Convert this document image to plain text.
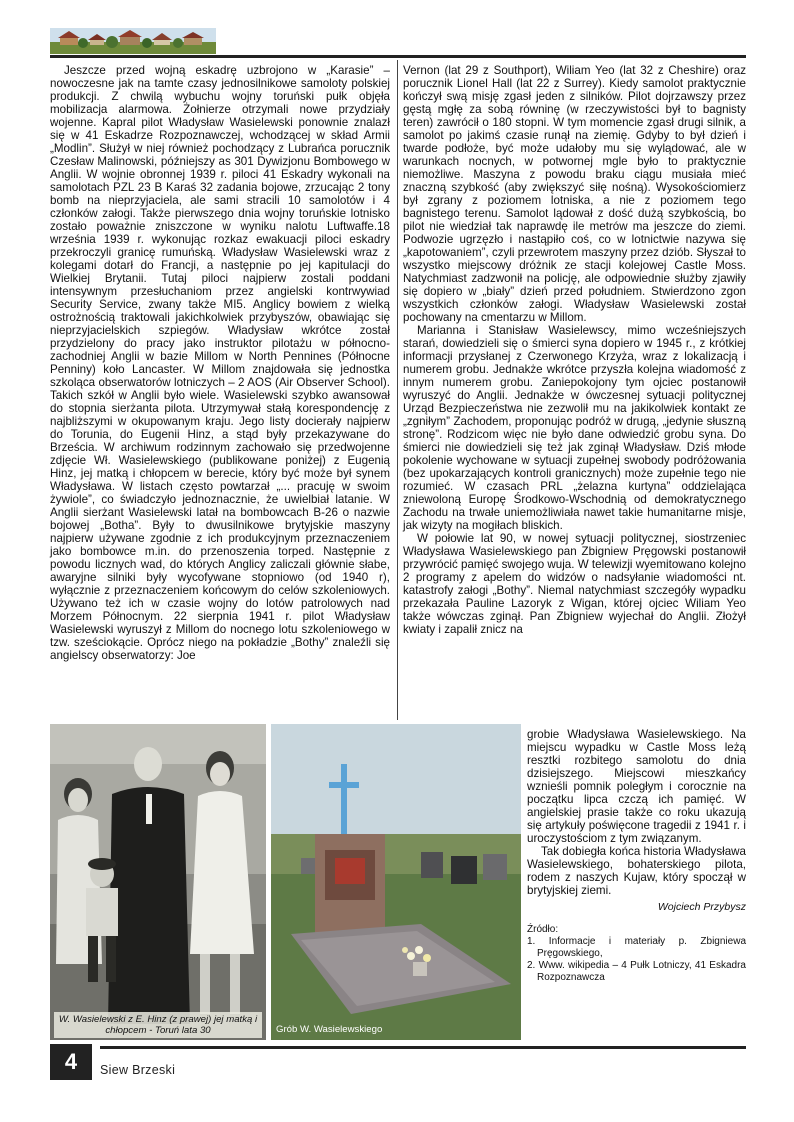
Jeszcze przed wojną eskadrę uzbrojono w „Karasie” – nowoczesne jak na tamte czasy jednosilnikowe samoloty polskiej produkcji. Z chwilą wybuchu wojny toruński pułk objęła mobilizacja alarmowa. Żołnierze otrzymali nowe przydziały wojenne. Kapral pilot Władysław Wasielewski ponownie znalazł się w 41 Eskadrze Rozpoznawczej, wchodzącej w skład Armii „Modlin”. Służył w niej również pochodzący z Lubrańca porucznik Czesław Malinowski, późniejszy as 301 Dywizjonu Bombowego w Anglii. W wojnie obronnej 1939 r. piloci 41 Eskadry wykonali na samolotach PZL 23 B Karaś 32 zadania bojowe, zrzucając 2 tony bomb na nieprzyjaciela, ale sami stracili 10 samolotów i 4 członków załogi. Także pierwszego dnia wojny toruńskie lotnisko zostało poważnie zniszczone w wyniku nalotu Luftwaffe.18 września 1939 r. wykonując rozkaz ewakuacji piloci eskadry przekroczyli granicę rumuńską. Władysław Wasielewski wraz z kolegami dotarł do Francji, a następnie po jej kapitulacji do Wielkiej Brytanii. Tutaj piloci najpierw zostali poddani intensywnym przesłuchaniom przez angielski kontrwywiad Security Service, zwany także MI5. Anglicy bowiem z wielką ostrożnością traktowali jakichkolwiek przybyszów, obawiając się nieprzyjacielskich szpiegów. Władysław wkrótce został przydzielony do pracy jako instruktor pilotażu w północno-zachodniej Anglii w bazie Millom w North Pennines (Północne Penniny) koło Lancaster. W Millom znajdowała się jednostka szkoląca obserwatorów lotniczych – 2 AOS (Air Observer School). Takich szkół w Anglii było wiele. Wasielewski szybko awansował do stopnia sierżanta pilota. Utrzymywał stałą korespondencję z najbliższymi w okupowanym kraju. Jego listy docierały najpierw do Torunia, do Eugenii Hinz, a stąd były przekazywane do Brześcia. W archiwum rodzinnym zachowało się przedwojenne zdjęcie Wł. Wasielewskiego (publikowane poniżej) z Eugenią Hinz, jej matką i chłopcem w berecie, który być może był synem Władysława. W listach często powtarzał „... pracuję w swoim żywiole”, co świadczyło jednoznacznie, że uwielbiał latanie. W Anglii sierżant Wasielewski latał na bombowcach B-26 o nazwie bojowej „Botha”. Były to dwusilnikowe brytyjskie maszyny najpierw używane zgodnie z ich produkcyjnym przeznaczeniem jako bombowce m.in. do przenoszenia torped. Następnie z powodu licznych wad, do których Anglicy zaliczali głównie słabe, awaryjne silniki były wycofywane stopniowo (od 1940 r), wyłącznie z przeznaczeniem końcowym do celów szkoleniowych. Używano też ich w czasie wojny do lotów patrolowych nad Morzem Północnym. 22 sierpnia 1941 r. pilot Władysław Wasielewski wyruszył z Millom do nocnego lotu szkoleniowego w tzw. sześciokącie. Oprócz niego na pokładzie „Bothy” znaleźli się angielscy obserwatorzy: Joe

Vernon (lat 29 z Southport), Wiliam Yeo (lat 32 z Cheshire) oraz porucznik Lionel Hall (lat 22 z Surrey). Kiedy samolot praktycznie kończył swą misję zgasł jeden z silników. Pilot dojrzawszy przez gęstą mgłę za sobą równinę (w rzeczywistości był to bagnisty teren) zawrócił o 180 stopni. W tym momencie zgasł drugi silnik, a samolot po jakimś czasie runął na ziemię. Gdyby to był dzień i twarde podłoże, być może udałoby mu się wylądować, ale w warunkach nocnych, w potwornej mgle było to praktycznie niemożliwe. Maszyna z powodu braku ciągu musiała mieć znaczną szybkość (aby zwiększyć siłę nośną). Wysokościomierz był zgrany z poziomem lotniska, a nie z poziomem tego bagnistego terenu. Samolot lądował z dość dużą szybkością, bo pilot nie wiedział tak naprawdę ile metrów ma jeszcze do ziemi. Podwozie ugrzęzło i nastąpiło coś, co w lotnictwie nazywa się „kapotowaniem”, czyli przewrotem maszyny przez dziób. Słyszał to wszystko miejscowy dróżnik ze stacji kolejowej Castle Moss. Natychmiast zadzwonił na policję, ale odpowiednie służby zjawiły się dopiero w „biały” dzień przed południem. Stwierdzono zgon wszystkich członków załogi. Władysław Wasielewski został pochowany na cmentarzu w Millom.

Marianna i Stanisław Wasielewscy, mimo wcześniejszych starań, dowiedzieli się o śmierci syna dopiero w 1945 r., z krótkiej informacji przysłanej z Czerwonego Krzyża, wraz z lokalizacją i numerem grobu. Jednakże wkrótce przyszła kolejna wiadomość z innym numerem grobu. Zaniepokojony tym ojciec postanowił wyruszyć do Anglii. Jednakże w ówczesnej sytuacji politycznej Urząd Bezpieczeństwa nie zezwolił mu na jakikolwiek kontakt ze „zgniłym” Zachodem, proponując podróż w drugą, „jedynie słuszną stronę”. Rodzicom więc nie było dane odwiedzić grobu syna. Do śmierci nie dowiedzieli się też jak zginął Władysław. Dziś młode pokolenie wychowane w sytuacji zupełnej swobody podróżowania (bez upokarzających kontroli granicznych) może zupełnie tego nie rozumieć. W czasach PRL „żelazna kurtyna” oddzielająca zniewoloną Europę Środkowo-Wschodnią od demokratycznego Zachodu na trwałe uniemożliwiała nawet takie humanitarne misje, jak wizyty na mogiłach bliskich.

W połowie lat 90, w nowej sytuacji politycznej, siostrzeniec Władysława Wasielewskiego pan Zbigniew Pręgowski postanowił przywrócić pamięć swojego wuja. W telewizji wyemitowano kolejno 2 programy z apelem do widzów o nadsyłanie wiadomości nt. katastrofy załogi „Bothy”. Niemal natychmiast szczegóły wypadku przekazała Pauline Lazoryk z Wigan, której ojciec Wiliam Yeo także wówczas zginął. Pan Zbigniew wyjechał do Anglii. Złożył kwiaty i zapalił znicz na

grobie Władysława Wasielewskiego. Na miejscu wypadku w Castle Moss leżą resztki rozbitego samolotu do dnia dzisiejszego. Miejscowi mieszkańcy wznieśli pomnik poległym i corocznie na początku lipca czczą ich pamięć. W angielskiej prasie także co roku ukazują się artykuły poświęcone tragedii z 1941 r. i uroczystościom z tym związanym.

Tak dobiegła końca historia Władysława Wasielewskiego, bohaterskiego pilota, rodem z naszych Kujaw, który spoczął w brytyjskiej ziemi.

Wojciech Przybysz
Źródło:
1. Informacje i materiały p. Zbigniewa Pręgowskiego,
2. Www. wikipedia – 4 Pułk Lotniczy, 41 Eskadra Rozpoznawcza
W. Wasielewski z E. Hinz (z prawej) jej matką i chłopcem - Toruń lata 30	Grób W. Wasielewskiego
4	Siew Brzeski
